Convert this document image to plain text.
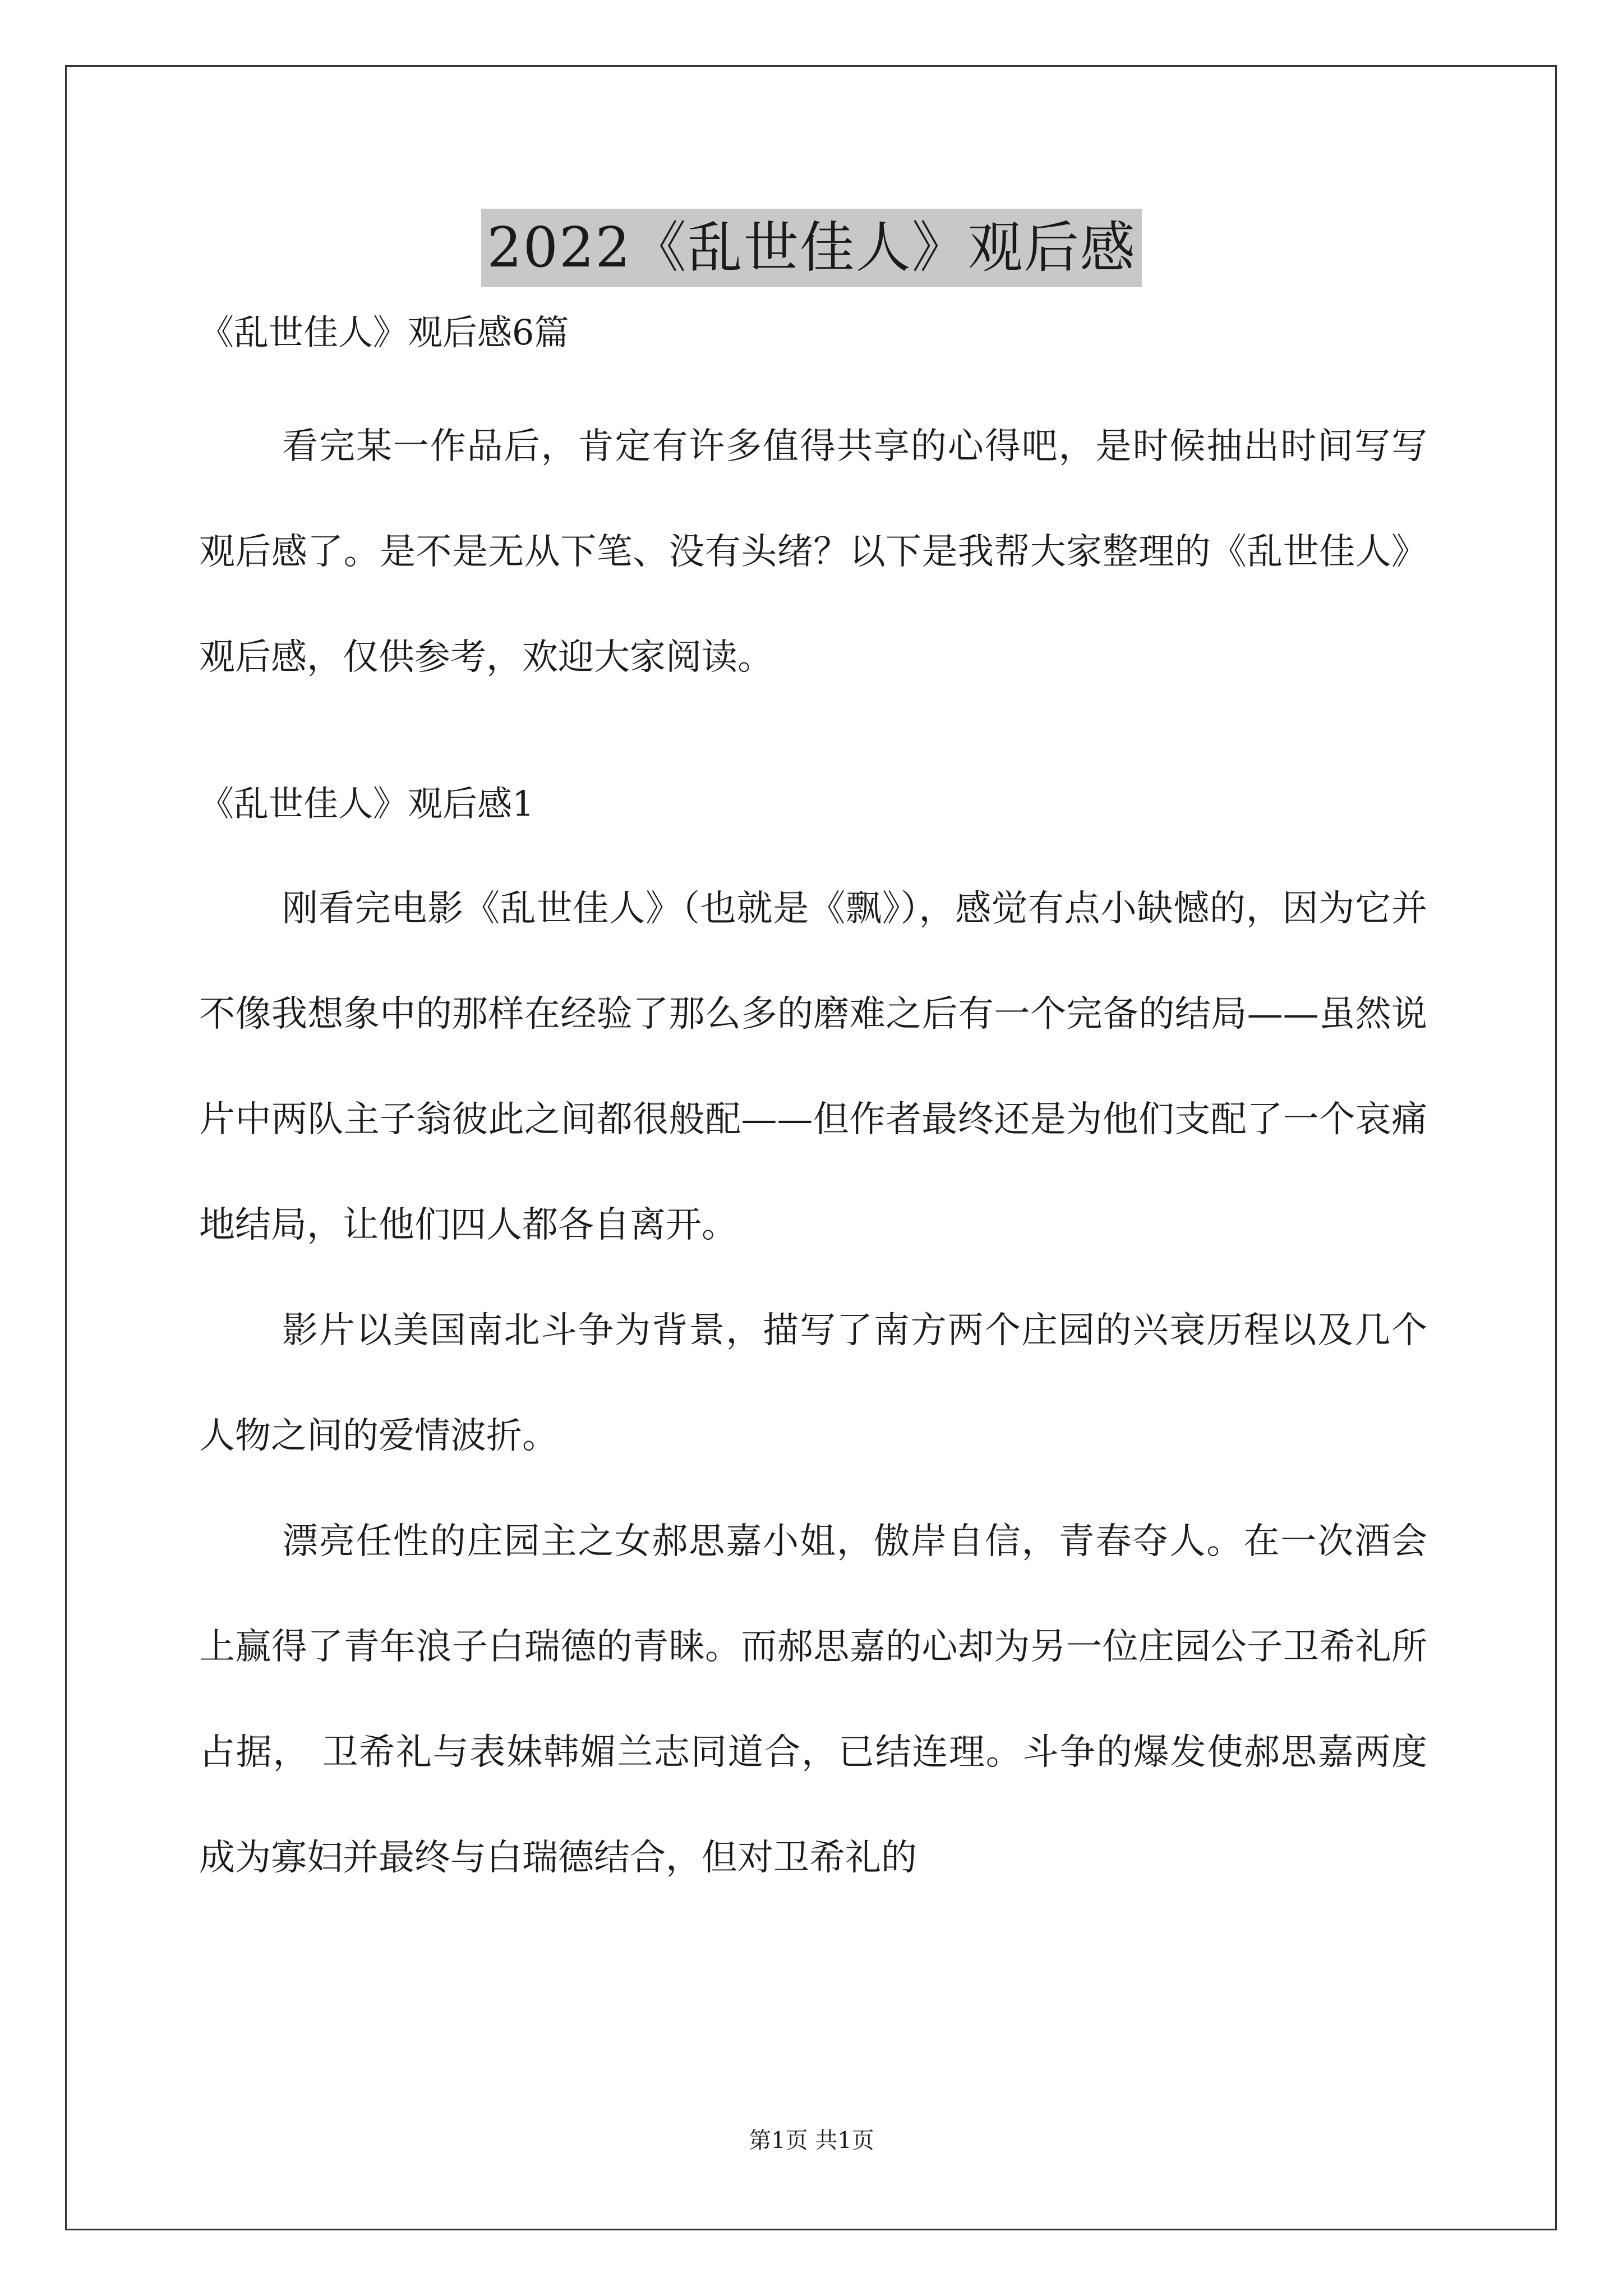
2022《乱世佳人》观后感

《乱世佳人》观后感6篇

看完某一作品后，肯定有许多值得共享的心得吧，是时候抽出时间写写观后感了。是不是无从下笔、没有头绪？以下是我帮大家整理的《乱世佳人》观后感，仅供参考，欢迎大家阅读。

《乱世佳人》观后感1

刚看完电影《乱世佳人》（也就是《飘》），感觉有点小缺憾的，因为它并不像我想象中的那样在经验了那么多的磨难之后有一个完备的结局——虽然说片中两队主子翁彼此之间都很般配——但作者最终还是为他们支配了一个哀痛地结局，让他们四人都各自离开。

影片以美国南北斗争为背景，描写了南方两个庄园的兴衰历程以及几个人物之间的爱情波折。

漂亮任性的庄园主之女郝思嘉小姐，傲岸自信，青春夺人。在一次酒会上赢得了青年浪子白瑞德的青睐。而郝思嘉的心却为另一位庄园公子卫希礼所占据， 卫希礼与表妹韩媚兰志同道合，已结连理。斗争的爆发使郝思嘉两度成为寡妇并最终与白瑞德结合，但对卫希礼的

第1页 共1页
